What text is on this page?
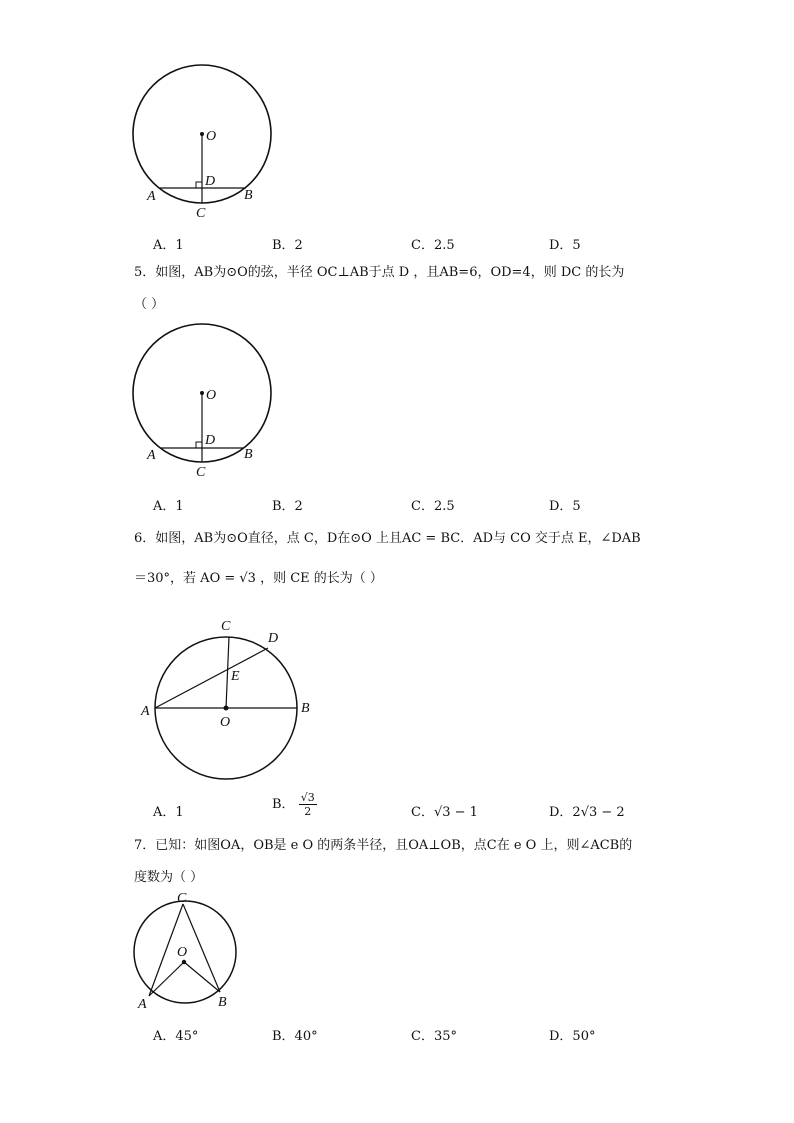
O
D
A	B
C
A．1	B．2	C．2.5	D．5
5．如图，AB为⊙O的弦，半径 OC⊥AB于点 D ，且AB=6，OD=4，则 DC 的长为
（ ）
O
D
A	B
C
A．1	B．2	C．2.5	D．5
6．如图，AB为⊙O直径，点 C，D在⊙O 上且AC = BC．AD与 CO 交于点 E，∠DAB
＝30°，若 AO = √3 ，则 CE 的长为（ ）
C
D
E
A	B
O
A．1
B． $\frac{√3}{2}$	C．√3 − 1	D．2√3 − 2
7．已知：如图OA，OB是 e O 的两条半径，且OA⊥OB，点C在 e O 上，则∠ACB的
度数为（ ）
C
O
A	B
A．45°	B．40°	C．35°	D．50°
